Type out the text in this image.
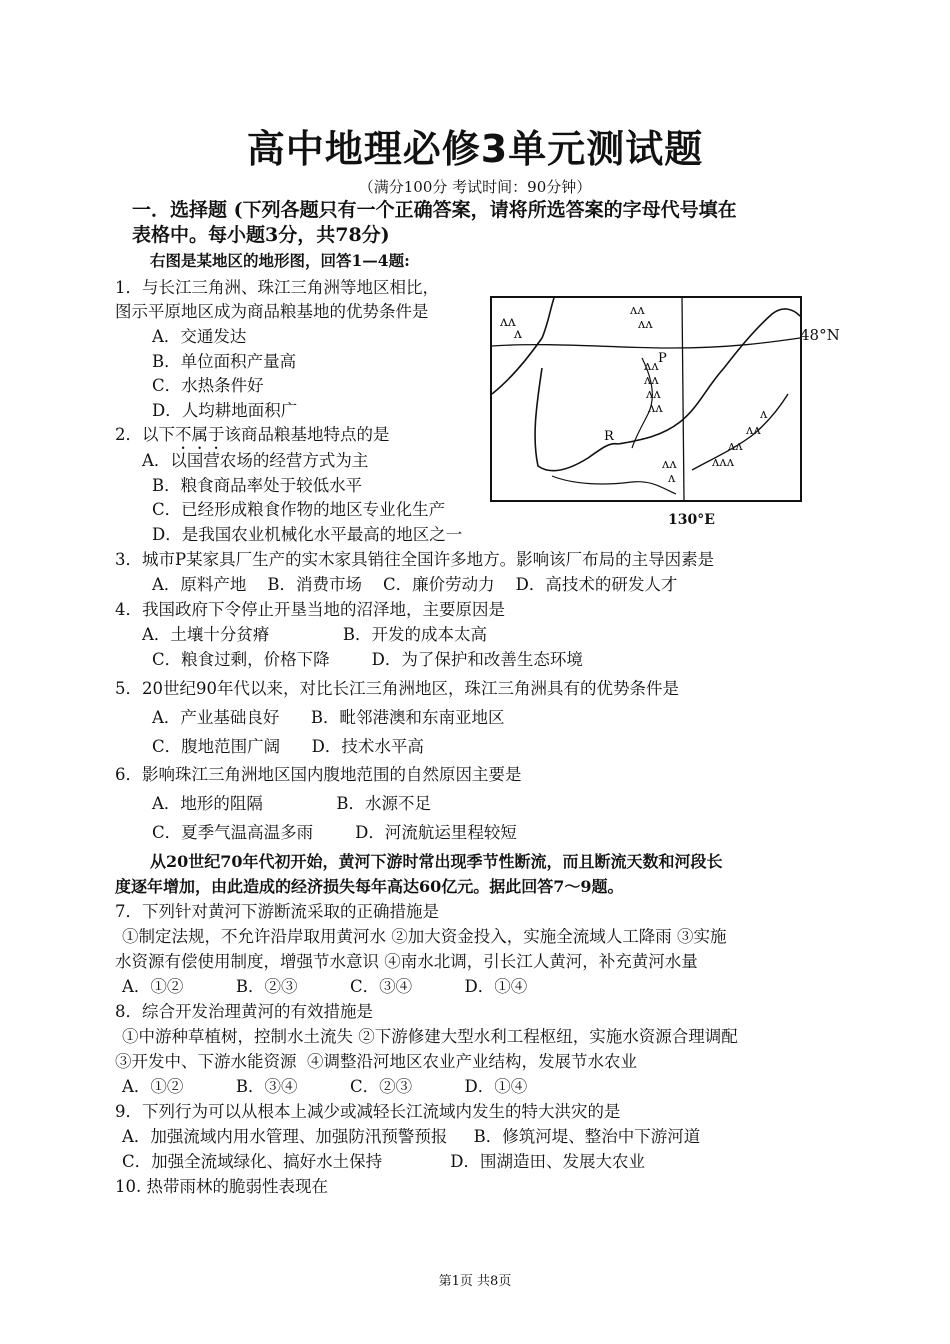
高中地理必修3单元测试题
（满分100分 考试时间：90分钟）
一．选择题 (下列各题只有一个正确答案，请将所选答案的字母代号填在
表格中。每小题3分，共78分)
右图是某地区的地形图，回答1—4题:
1．与长江三角洲、珠江三角洲等地区相比，
图示平原地区成为商品粮基地的优势条件是
A．交通发达
B．单位面积产量高
C．水热条件好
D．人均耕地面积广
2．以下不属于该商品粮基地特点的是
A．以国营农场的经营方式为主
B．粮食商品率处于较低水平
C．已经形成粮食作物的地区专业化生产
D．是我国农业机械化水平最高的地区之一
ᴧᴧ
ᴧ
ᴧᴧ
ᴧᴧ
ᴧᴧ
ᴧᴧ
ᴧᴧ
ᴧᴧ
ᴧᴧ
ᴧ
ᴧᴧᴧ
ᴧᴧ
ᴧᴧ
ᴧ
P
R
48°N
130°E
3．城市P某家具厂生产的实木家具销往全国许多地方。影响该厂布局的主导因素是
A．原料产地    B．消费市场    C．廉价劳动力    D．高技术的研发人才
4．我国政府下令停止开垦当地的沼泽地，主要原因是
A．土壤十分贫瘠              B．开发的成本太高
C．粮食过剩，价格下降        D．为了保护和改善生态环境
5．20世纪90年代以来，对比长江三角洲地区，珠江三角洲具有的优势条件是
A．产业基础良好      B．毗邻港澳和东南亚地区
C．腹地范围广阔      D．技术水平高
6．影响珠江三角洲地区国内腹地范围的自然原因主要是
A．地形的阻隔              B．水源不足
C．夏季气温高温多雨        D．河流航运里程较短
从20世纪70年代初开始，黄河下游时常出现季节性断流，而且断流天数和河段长
度逐年增加，由此造成的经济损失每年高达60亿元。据此回答7～9题。
7．下列针对黄河下游断流采取的正确措施是
①制定法规，不允许沿岸取用黄河水 ②加大资金投入，实施全流域人工降雨 ③实施
水资源有偿使用制度，增强节水意识 ④南水北调，引长江人黄河，补充黄河水量
A．①②          B．②③          C．③④          D．①④
8．综合开发治理黄河的有效措施是
①中游种草植树，控制水土流失 ②下游修建大型水利工程枢纽，实施水资源合理调配
③开发中、下游水能资源  ④调整沿河地区农业产业结构，发展节水农业
A．①②          B．③④          C．②③          D．①④
9．下列行为可以从根本上减少或减轻长江流域内发生的特大洪灾的是
A．加强流域内用水管理、加强防汛预警预报     B．修筑河堤、整治中下游河道
C．加强全流域绿化、搞好水土保持             D．围湖造田、发展大农业
10. 热带雨林的脆弱性表现在
第1页 共8页
